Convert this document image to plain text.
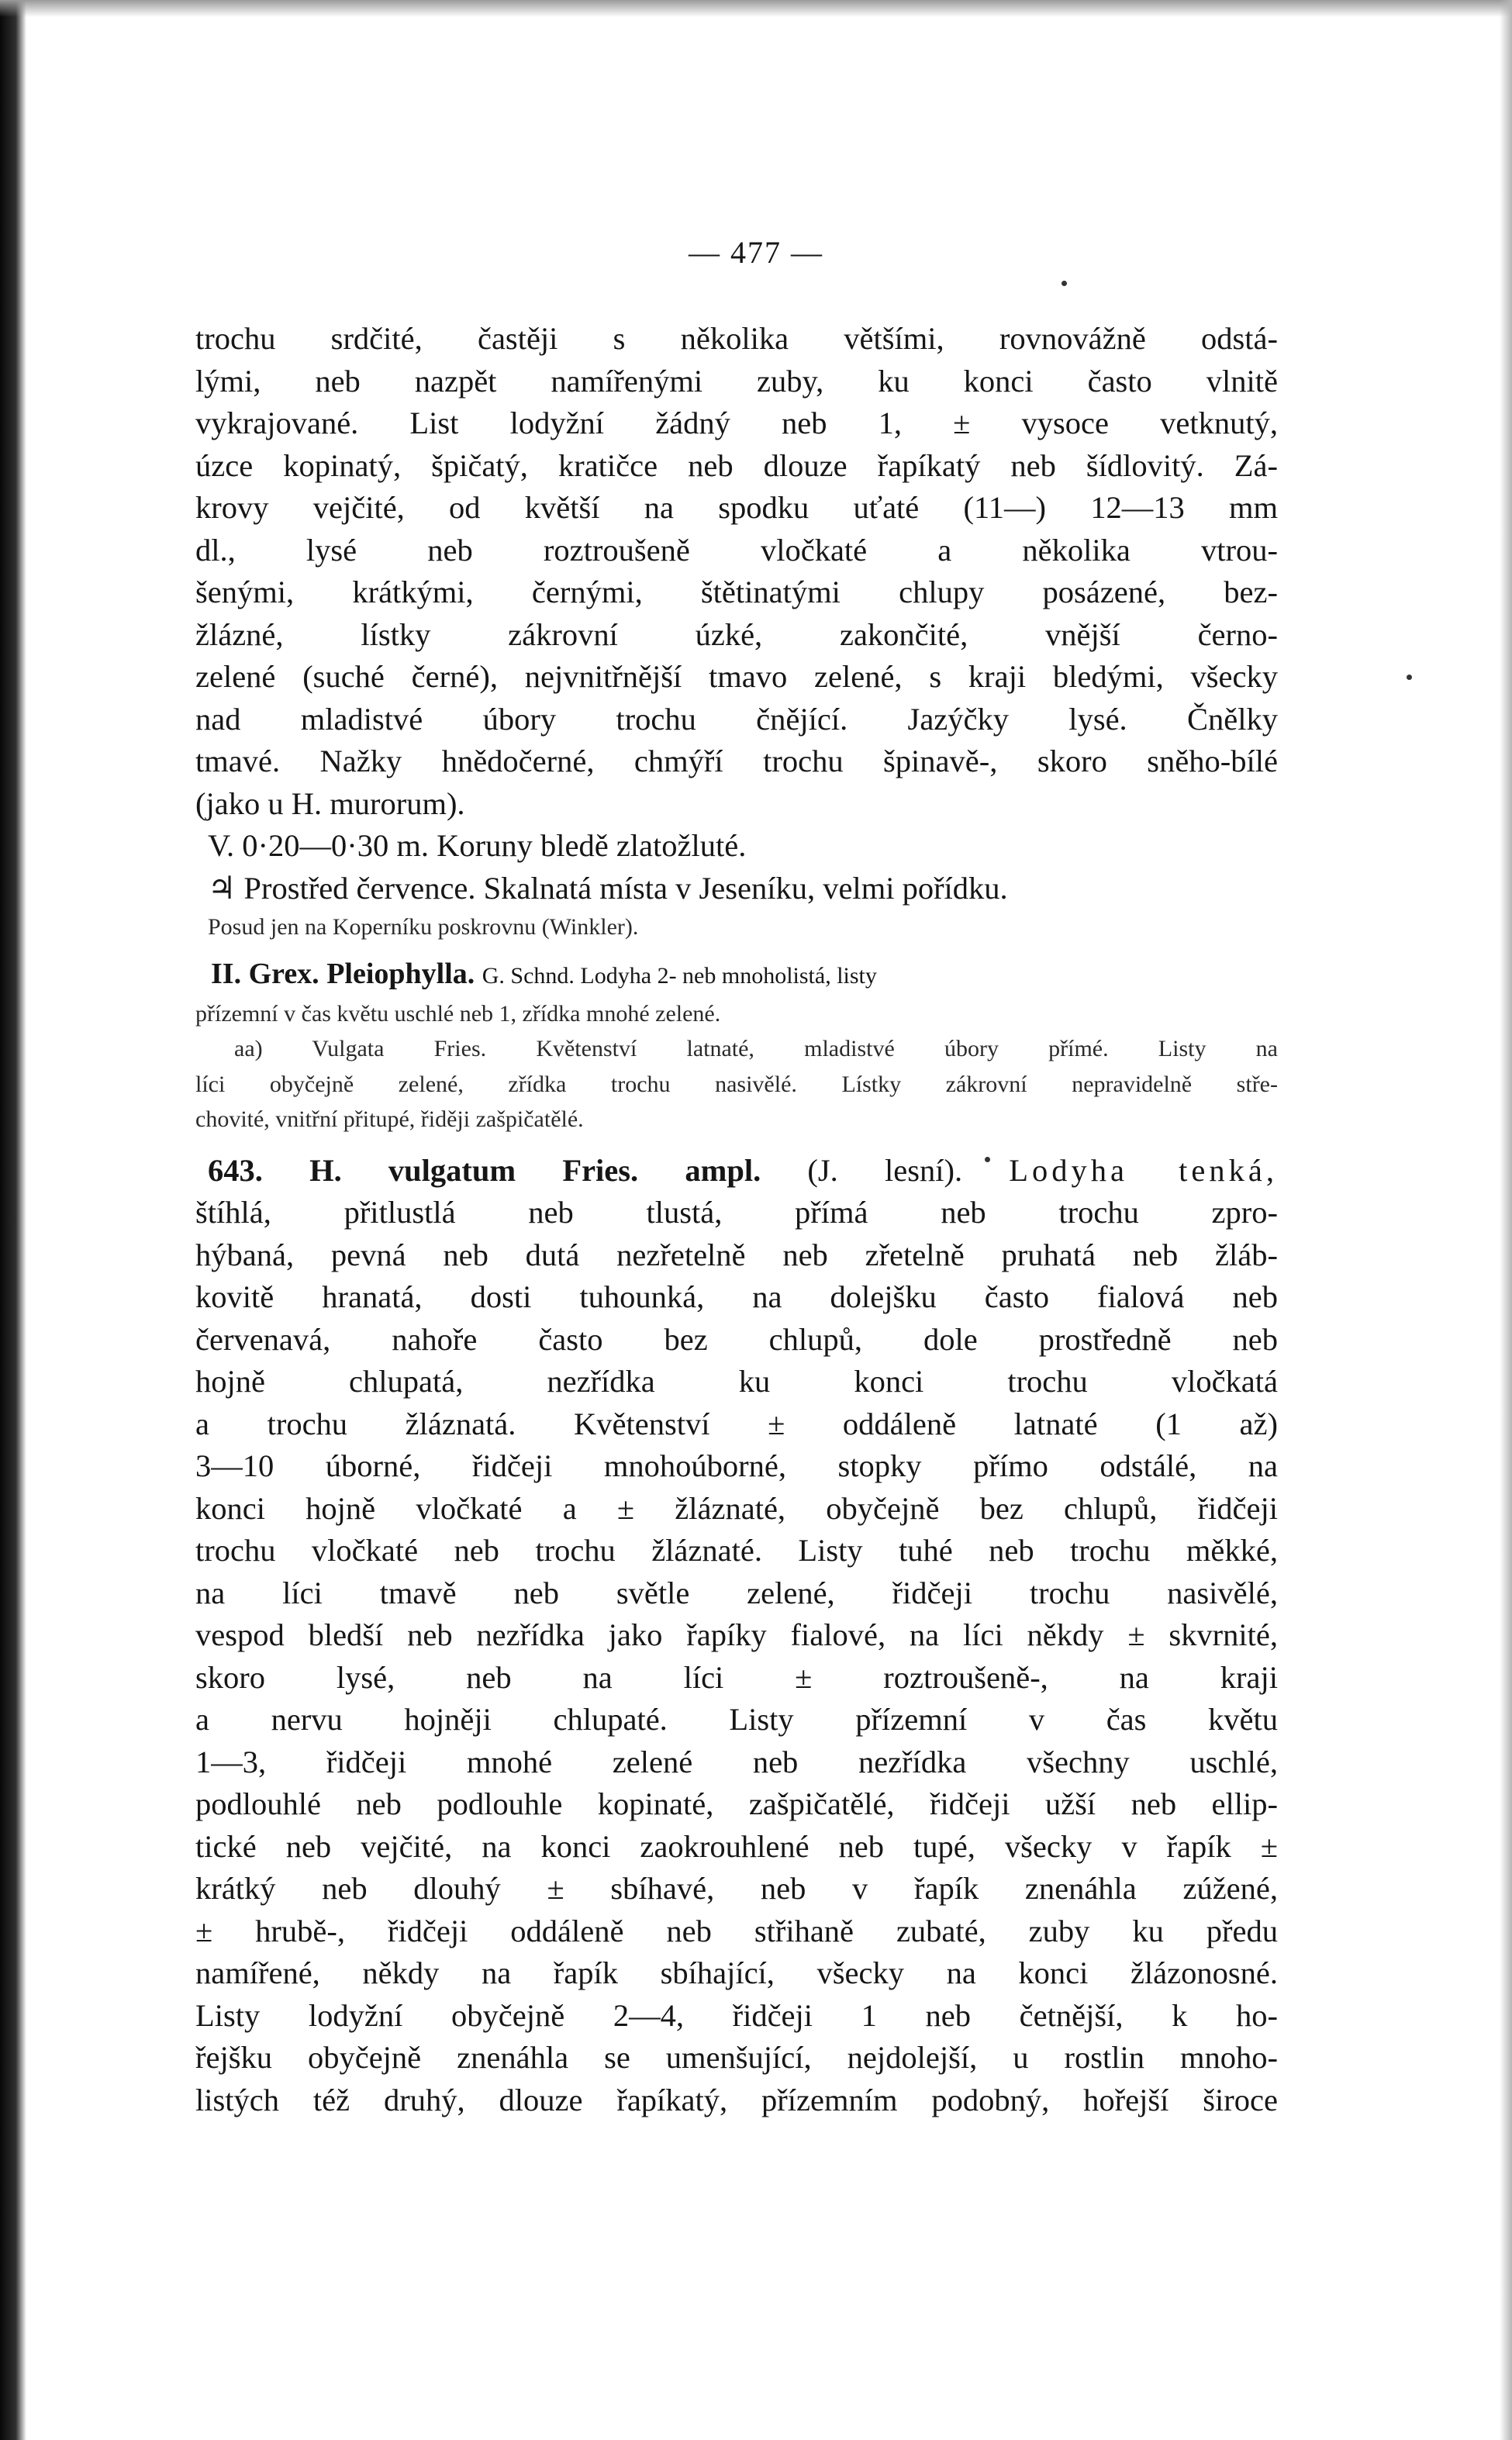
— 477 —
trochu srdčité, častěji s několika většími, rovnovážně odstá-
lými, neb nazpět namířenými zuby, ku konci často vlnitě
vykrajované. List lodyžní žádný neb 1, ± vysoce vetknutý,
úzce kopinatý, špičatý, kratičce neb dlouze řapíkatý neb šídlovitý. Zá-
krovy vejčité, od květší na spodku uťaté (11—) 12—13 mm
dl., lysé neb roztroušeně vločkaté a několika vtrou-
šenými, krátkými, černými, štětinatými chlupy posázené, bez-
žlázné, lístky zákrovní úzké, zakončité, vnější černo-
zelené (suché černé), nejvnitřnější tmavo zelené, s kraji bledými, všecky
nad mladistvé úbory trochu čnějící. Jazýčky lysé. Čnělky
tmavé. Nažky hnědočerné, chmýří trochu špinavě-, skoro sněho-bílé
(jako u H. murorum).
V. 0·20—0·30 m. Koruny bledě zlatožluté.
♃ Prostřed července. Skalnatá místa v Jeseníku, velmi pořídku.
Posud jen na Koperníku poskrovnu (Winkler).
II. Grex. Pleiophylla. G. Schnd. Lodyha 2- neb mnoholistá, listy
přízemní v čas květu uschlé neb 1, zřídka mnohé zelené.
aa) Vulgata Fries. Květenství latnaté, mladistvé úbory přímé. Listy na
líci obyčejně zelené, zřídka trochu nasivělé. Lístky zákrovní nepravidelně stře-
chovité, vnitřní přitupé, řiději zašpičatělé.
643. H. vulgatum Fries. ampl. (J. lesní). Lodyha tenká,
štíhlá, přitlustlá neb tlustá, přímá neb trochu zpro-
hýbaná, pevná neb dutá nezřetelně neb zřetelně pruhatá neb žláb-
kovitě hranatá, dosti tuhounká, na dolejšku často fialová neb
červenavá, nahoře často bez chlupů, dole prostředně neb
hojně chlupatá, nezřídka ku konci trochu vločkatá
a trochu žláznatá. Květenství ± oddáleně latnaté (1 až)
3—10 úborné, řidčeji mnohoúborné, stopky přímo odstálé, na
konci hojně vločkaté a ± žláznaté, obyčejně bez chlupů, řidčeji
trochu vločkaté neb trochu žláznaté. Listy tuhé neb trochu měkké,
na líci tmavě neb světle zelené, řidčeji trochu nasivělé,
vespod bledší neb nezřídka jako řapíky fialové, na líci někdy ± skvrnité,
skoro lysé, neb na líci ± roztroušeně-, na kraji
a nervu hojněji chlupaté. Listy přízemní v čas květu
1—3, řidčeji mnohé zelené neb nezřídka všechny uschlé,
podlouhlé neb podlouhle kopinaté, zašpičatělé, řidčeji užší neb ellip-
tické neb vejčité, na konci zaokrouhlené neb tupé, všecky v řapík ±
krátký neb dlouhý ± sbíhavé, neb v řapík znenáhla zúžené,
± hrubě-, řidčeji oddáleně neb střihaně zubaté, zuby ku předu
namířené, někdy na řapík sbíhající, všecky na konci žlázonosné.
Listy lodyžní obyčejně 2—4, řidčeji 1 neb četnější, k ho-
řejšku obyčejně znenáhla se umenšující, nejdolejší, u rostlin mnoho-
listých též druhý, dlouze řapíkatý, přízemním podobný, hořejší široce
